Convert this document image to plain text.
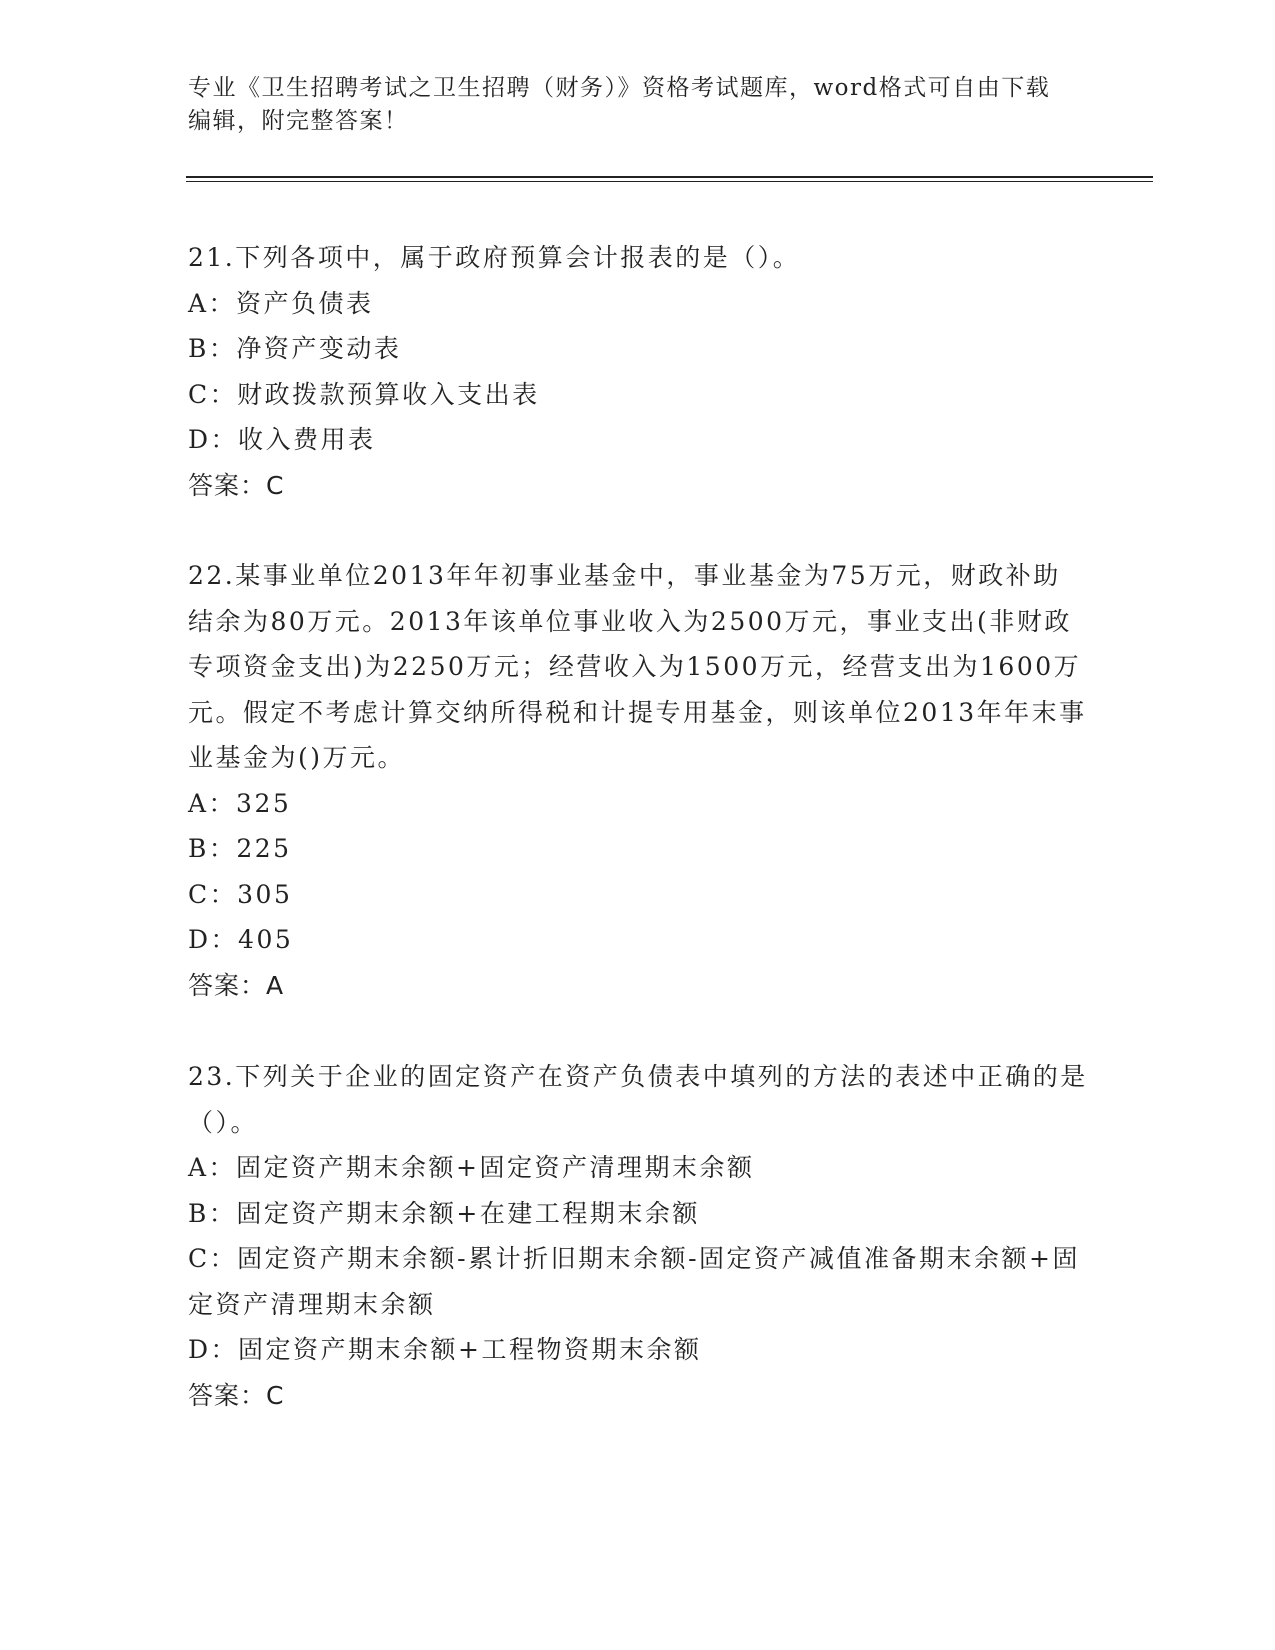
专业《卫生招聘考试之卫生招聘（财务）》资格考试题库，word格式可自由下载编辑，附完整答案！

21.下列各项中，属于政府预算会计报表的是（）。

A：资产负债表

B：净资产变动表

C：财政拨款预算收入支出表

D：收入费用表

答案：C

22.某事业单位2013年年初事业基金中，事业基金为75万元，财政补助结余为80万元。2013年该单位事业收入为2500万元，事业支出(非财政专项资金支出)为2250万元；经营收入为1500万元，经营支出为1600万元。假定不考虑计算交纳所得税和计提专用基金，则该单位2013年年末事业基金为()万元。

A：325

B：225

C：305

D：405

答案：A

23.下列关于企业的固定资产在资产负债表中填列的方法的表述中正确的是（）。

A：固定资产期末余额+固定资产清理期末余额

B：固定资产期末余额+在建工程期末余额

C：固定资产期末余额-累计折旧期末余额-固定资产减值准备期末余额+固定资产清理期末余额

D：固定资产期末余额+工程物资期末余额

答案：C
